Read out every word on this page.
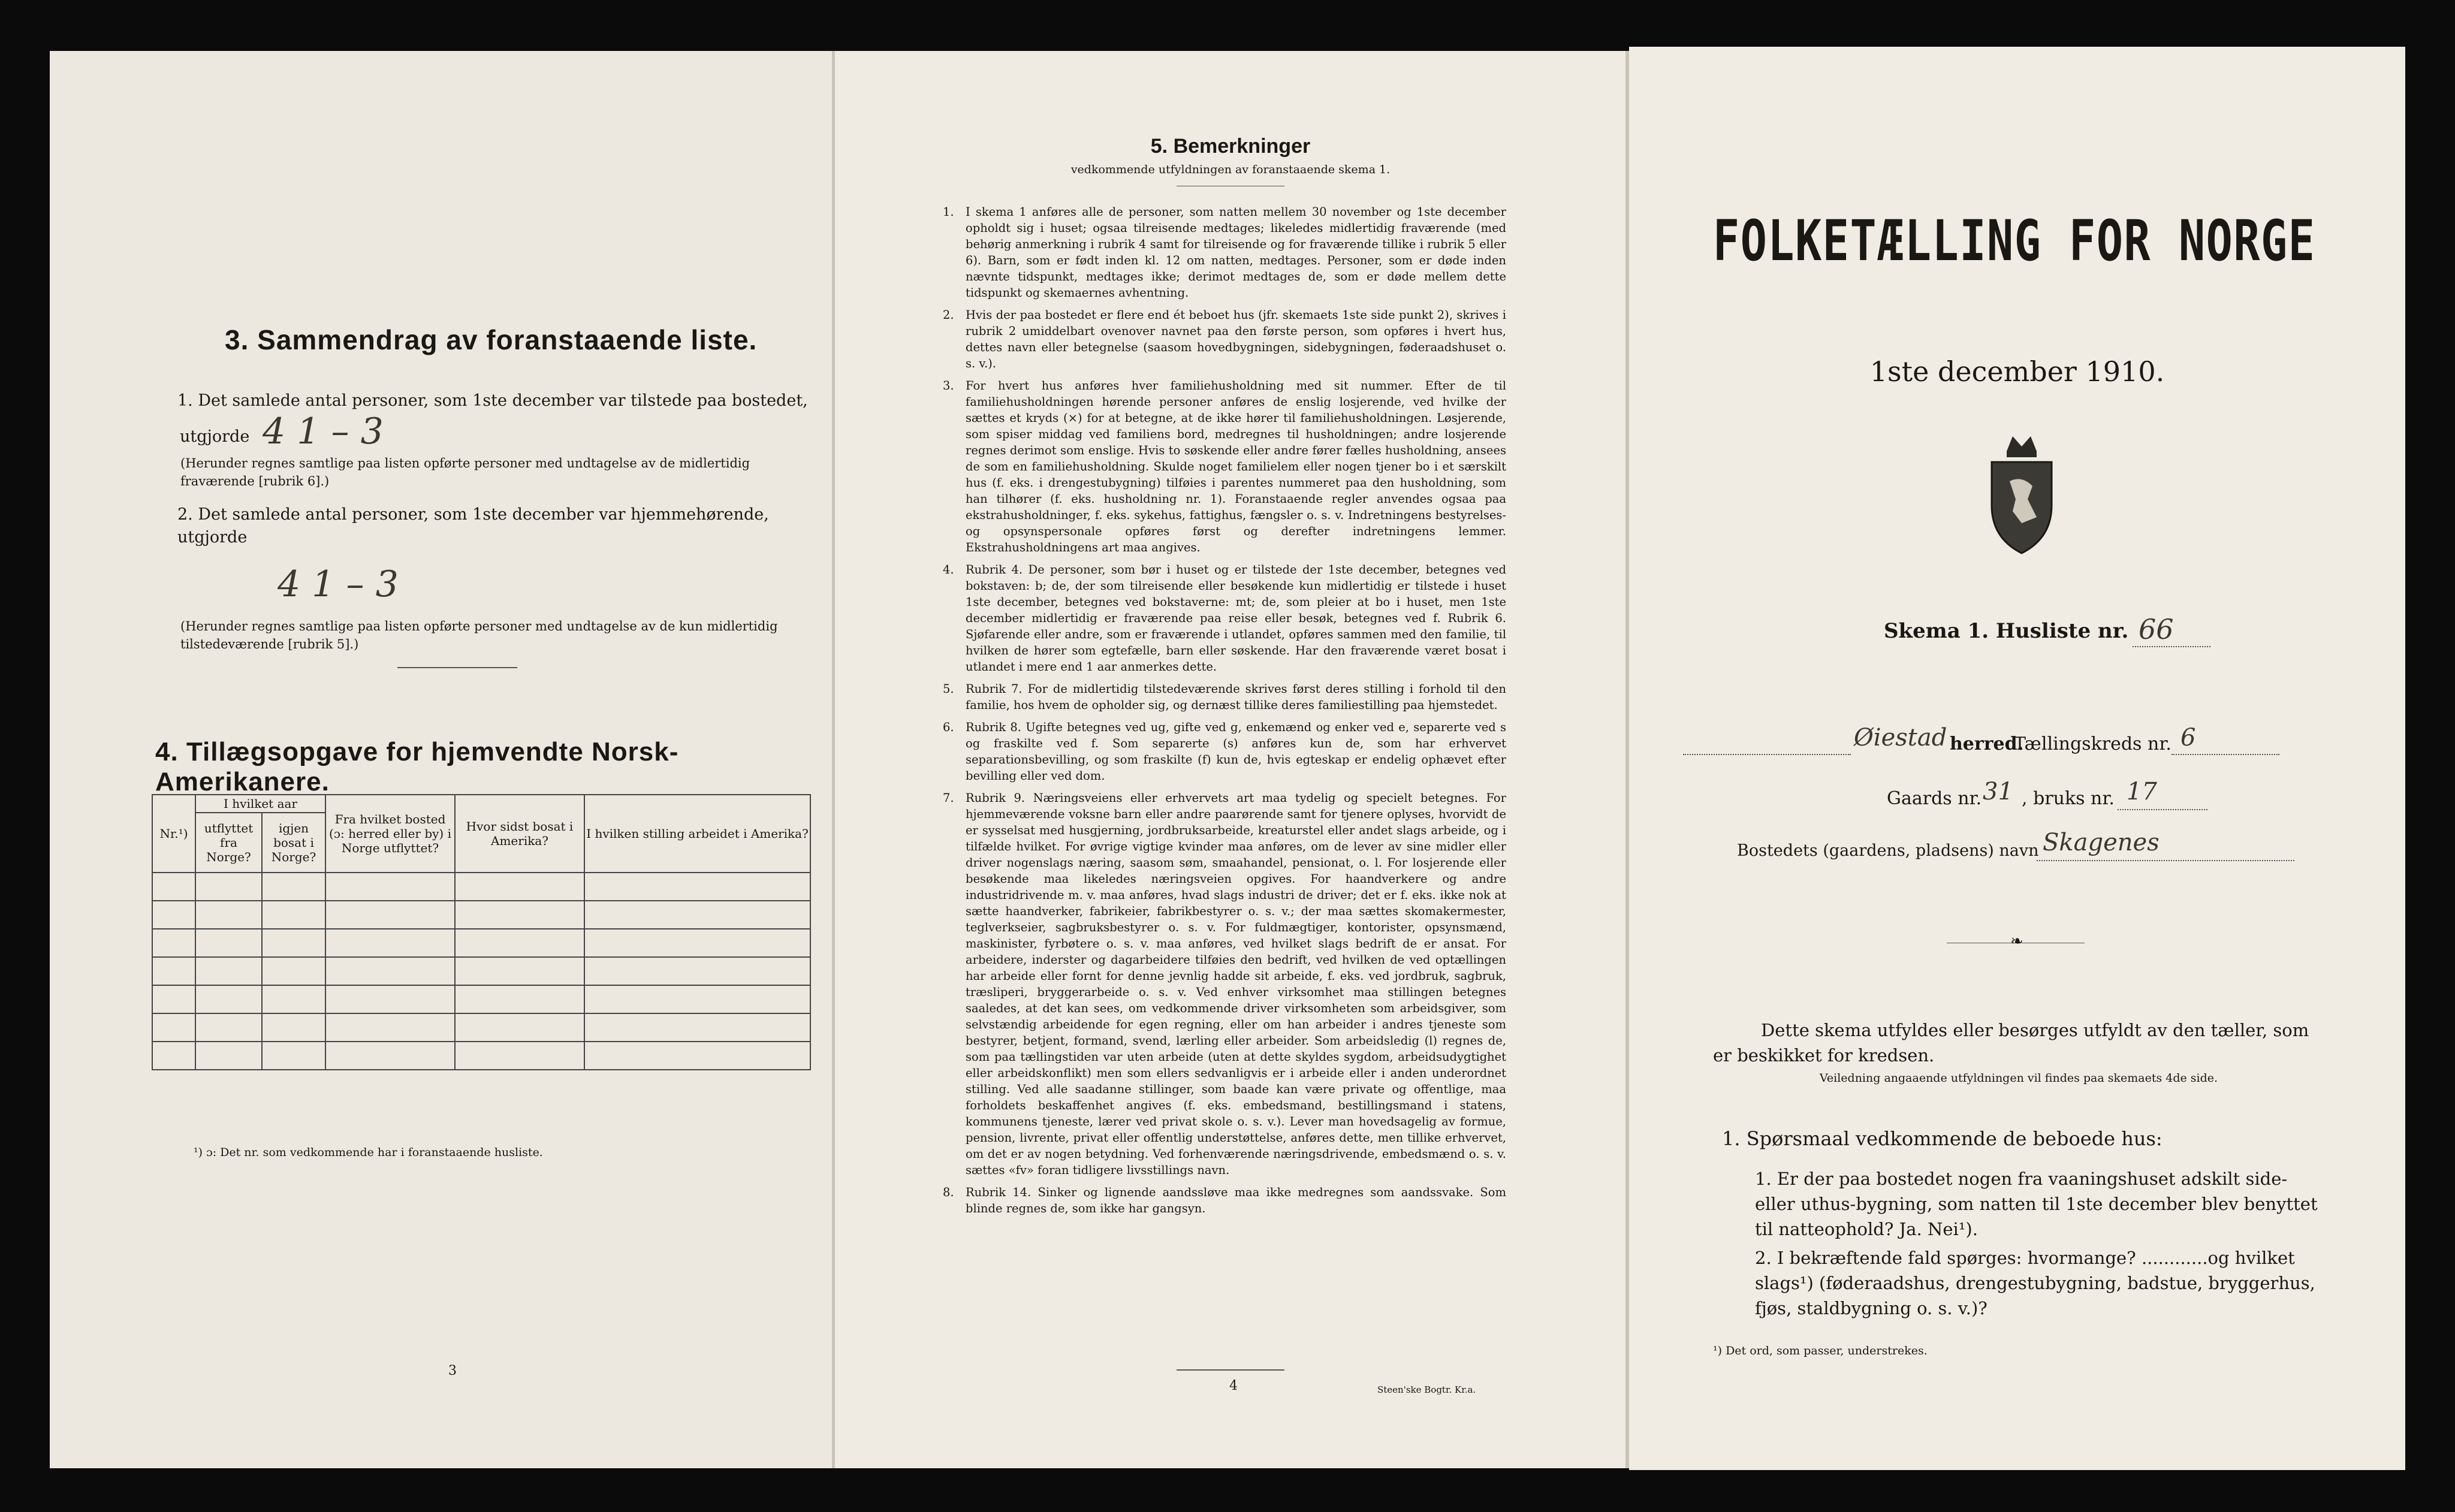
3. Sammendrag av foranstaaende liste.
1. Det samlede antal personer, som 1ste december var tilstede paa bostedet,
utgjorde 4 1 – 3
(Herunder regnes samtlige paa listen opførte personer med undtagelse av de midlertidig fraværende [rubrik 6].)
2. Det samlede antal personer, som 1ste december var hjemmehørende, utgjorde
4 1 – 3
(Herunder regnes samtlige paa listen opførte personer med undtagelse av de kun midlertidig tilstedeværende [rubrik 5].)
4. Tillægsopgave for hjemvendte Norsk-Amerikanere.
Nr.¹)	I hvilket aar		Fra hvilket bosted (ɔ: herred eller by) i Norge utflyttet?	Hvor sidst bosat i Amerika?	I hvilken stilling arbeidet i Amerika?
	utflyttet fra Norge?	igjen bosat i Norge?			

¹) ɔ: Det nr. som vedkommende har i foranstaaende husliste.
3
5. Bemerkninger
vedkommende utfyldningen av foranstaaende skema 1.
1. I skema 1 anføres alle de personer, som natten mellem 30 november og 1ste december opholdt sig i huset; ogsaa tilreisende medtages; likeledes midlertidig fraværende (med behørig anmerkning i rubrik 4 samt for tilreisende og for fraværende tillike i rubrik 5 eller 6). Barn, som er født inden kl. 12 om natten, medtages. Personer, som er døde inden nævnte tidspunkt, medtages ikke; derimot medtages de, som er døde mellem dette tidspunkt og skemaernes avhentning.

2. Hvis der paa bostedet er flere end ét beboet hus (jfr. skemaets 1ste side punkt 2), skrives i rubrik 2 umiddelbart ovenover navnet paa den første person, som opføres i hvert hus, dettes navn eller betegnelse (saasom hovedbygningen, sidebygningen, føderaadshuset o. s. v.).

3. For hvert hus anføres hver familiehusholdning med sit nummer. Efter de til familiehusholdningen hørende personer anføres de enslig losjerende, ved hvilke der sættes et kryds (×) for at betegne, at de ikke hører til familiehusholdningen. Løsjerende, som spiser middag ved familiens bord, medregnes til husholdningen; andre losjerende regnes derimot som enslige. Hvis to søskende eller andre fører fælles husholdning, ansees de som en familiehusholdning. Skulde noget familielem eller nogen tjener bo i et særskilt hus (f. eks. i drengestubygning) tilføies i parentes nummeret paa den husholdning, som han tilhører (f. eks. husholdning nr. 1). Foranstaaende regler anvendes ogsaa paa ekstrahusholdninger, f. eks. sykehus, fattighus, fængsler o. s. v. Indretningens bestyrelses- og opsynspersonale opføres først og derefter indretningens lemmer. Ekstrahusholdningens art maa angives.

4. Rubrik 4. De personer, som bør i huset og er tilstede der 1ste december, betegnes ved bokstaven: b; de, der som tilreisende eller besøkende kun midlertidig er tilstede i huset 1ste december, betegnes ved bokstaverne: mt; de, som pleier at bo i huset, men 1ste december midlertidig er fraværende paa reise eller besøk, betegnes ved f. Rubrik 6. Sjøfarende eller andre, som er fraværende i utlandet, opføres sammen med den familie, til hvilken de hører som egtefælle, barn eller søskende. Har den fraværende været bosat i utlandet i mere end 1 aar anmerkes dette.

5. Rubrik 7. For de midlertidig tilstedeværende skrives først deres stilling i forhold til den familie, hos hvem de opholder sig, og dernæst tillike deres familiestilling paa hjemstedet.

6. Rubrik 8. Ugifte betegnes ved ug, gifte ved g, enkemænd og enker ved e, separerte ved s og fraskilte ved f. Som separerte (s) anføres kun de, som har erhvervet separationsbevilling, og som fraskilte (f) kun de, hvis egteskap er endelig ophævet efter bevilling eller ved dom.

7. Rubrik 9. Næringsveiens eller erhvervets art maa tydelig og specielt betegnes. For hjemmeværende voksne barn eller andre paarørende samt for tjenere oplyses, hvorvidt de er sysselsat med husgjerning, jordbruksarbeide, kreaturstel eller andet slags arbeide, og i tilfælde hvilket. For øvrige vigtige kvinder maa anføres, om de lever av sine midler eller driver nogenslags næring, saasom søm, smaahandel, pensionat, o. l. For losjerende eller besøkende maa likeledes næringsveien opgives. For haandverkere og andre industridrivende m. v. maa anføres, hvad slags industri de driver; det er f. eks. ikke nok at sætte haandverker, fabrikeier, fabrikbestyrer o. s. v.; der maa sættes skomakermester, teglverkseier, sagbruksbestyrer o. s. v. For fuldmægtiger, kontorister, opsynsmænd, maskinister, fyrbøtere o. s. v. maa anføres, ved hvilket slags bedrift de er ansat. For arbeidere, inderster og dagarbeidere tilføies den bedrift, ved hvilken de ved optællingen har arbeide eller fornt for denne jevnlig hadde sit arbeide, f. eks. ved jordbruk, sagbruk, træsliperi, bryggerarbeide o. s. v. Ved enhver virksomhet maa stillingen betegnes saaledes, at det kan sees, om vedkommende driver virksomheten som arbeidsgiver, som selvstændig arbeidende for egen regning, eller om han arbeider i andres tjeneste som bestyrer, betjent, formand, svend, lærling eller arbeider. Som arbeidsledig (l) regnes de, som paa tællingstiden var uten arbeide (uten at dette skyldes sygdom, arbeidsudygtighet eller arbeidskonflikt) men som ellers sedvanligvis er i arbeide eller i anden underordnet stilling. Ved alle saadanne stillinger, som baade kan være private og offentlige, maa forholdets beskaffenhet angives (f. eks. embedsmand, bestillingsmand i statens, kommunens tjeneste, lærer ved privat skole o. s. v.). Lever man hovedsagelig av formue, pension, livrente, privat eller offentlig understøttelse, anføres dette, men tillike erhvervet, om det er av nogen betydning. Ved forhenværende næringsdrivende, embedsmænd o. s. v. sættes «fv» foran tidligere livsstillings navn.

8. Rubrik 14. Sinker og lignende aandssløve maa ikke medregnes som aandssvake. Som blinde regnes de, som ikke har gangsyn.

4	Steen'ske Bogtr. Kr.a.
FOLKETÆLLING FOR NORGE
1ste december 1910.
Skema 1. Husliste nr. 66
Øiestad herred.
Tællingskreds nr. 6
Gaards nr. 31 , bruks nr. 17
Bostedets (gaardens, pladsens) navn Skagenes
❧
Dette skema utfyldes eller besørges utfyldt av den tæller, som er beskikket for kredsen.
Veiledning angaaende utfyldningen vil findes paa skemaets 4de side.
1. Spørsmaal vedkommende de beboede hus:
1. Er der paa bostedet nogen fra vaaningshuset adskilt side- eller uthus-bygning, som natten til 1ste december blev benyttet til natteophold? Ja. Nei¹).
2. I bekræftende fald spørges: hvormange? ............og hvilket slags¹) (føderaadshus, drengestubygning, badstue, bryggerhus, fjøs, staldbygning o. s. v.)?
¹) Det ord, som passer, understrekes.
